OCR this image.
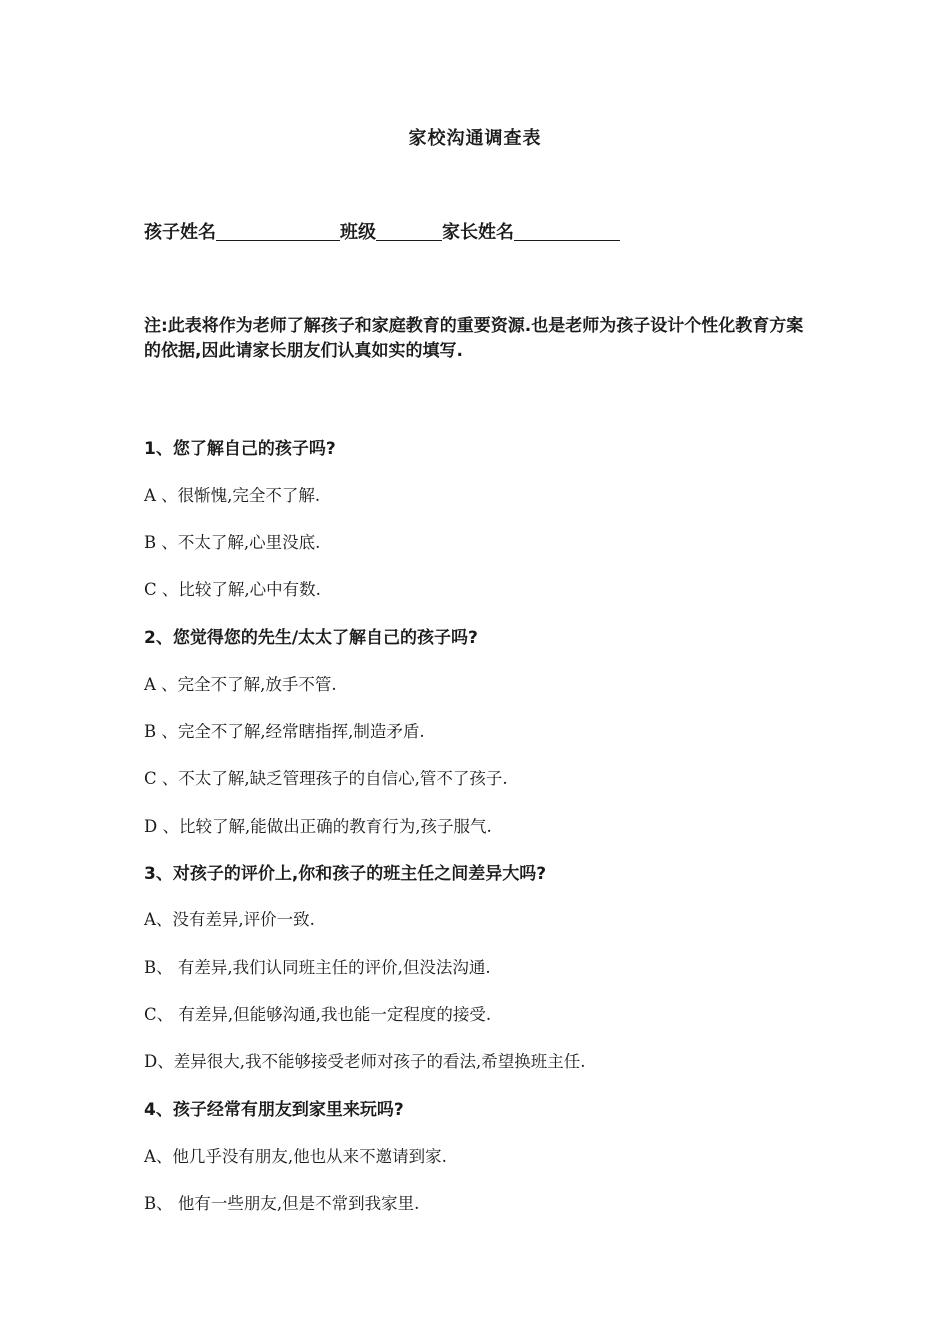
家校沟通调查表
孩子姓名	班级	家长姓名
注:此表将作为老师了解孩子和家庭教育的重要资源.也是老师为孩子设计个性化教育方案的依据,因此请家长朋友们认真如实的填写.
1、您了解自己的孩子吗?
A 、很惭愧,完全不了解.
B 、不太了解,心里没底.
C 、比较了解,心中有数.
2、您觉得您的先生/太太了解自己的孩子吗?
A 、完全不了解,放手不管.
B 、完全不了解,经常瞎指挥,制造矛盾.
C 、不太了解,缺乏管理孩子的自信心,管不了孩子.
D 、比较了解,能做出正确的教育行为,孩子服气.
3、对孩子的评价上,你和孩子的班主任之间差异大吗?
A、没有差异,评价一致.
B、 有差异,我们认同班主任的评价,但没法沟通.
C、 有差异,但能够沟通,我也能一定程度的接受.
D、差异很大,我不能够接受老师对孩子的看法,希望换班主任.
4、孩子经常有朋友到家里来玩吗?
A、他几乎没有朋友,他也从来不邀请到家.
B、 他有一些朋友,但是不常到我家里.
